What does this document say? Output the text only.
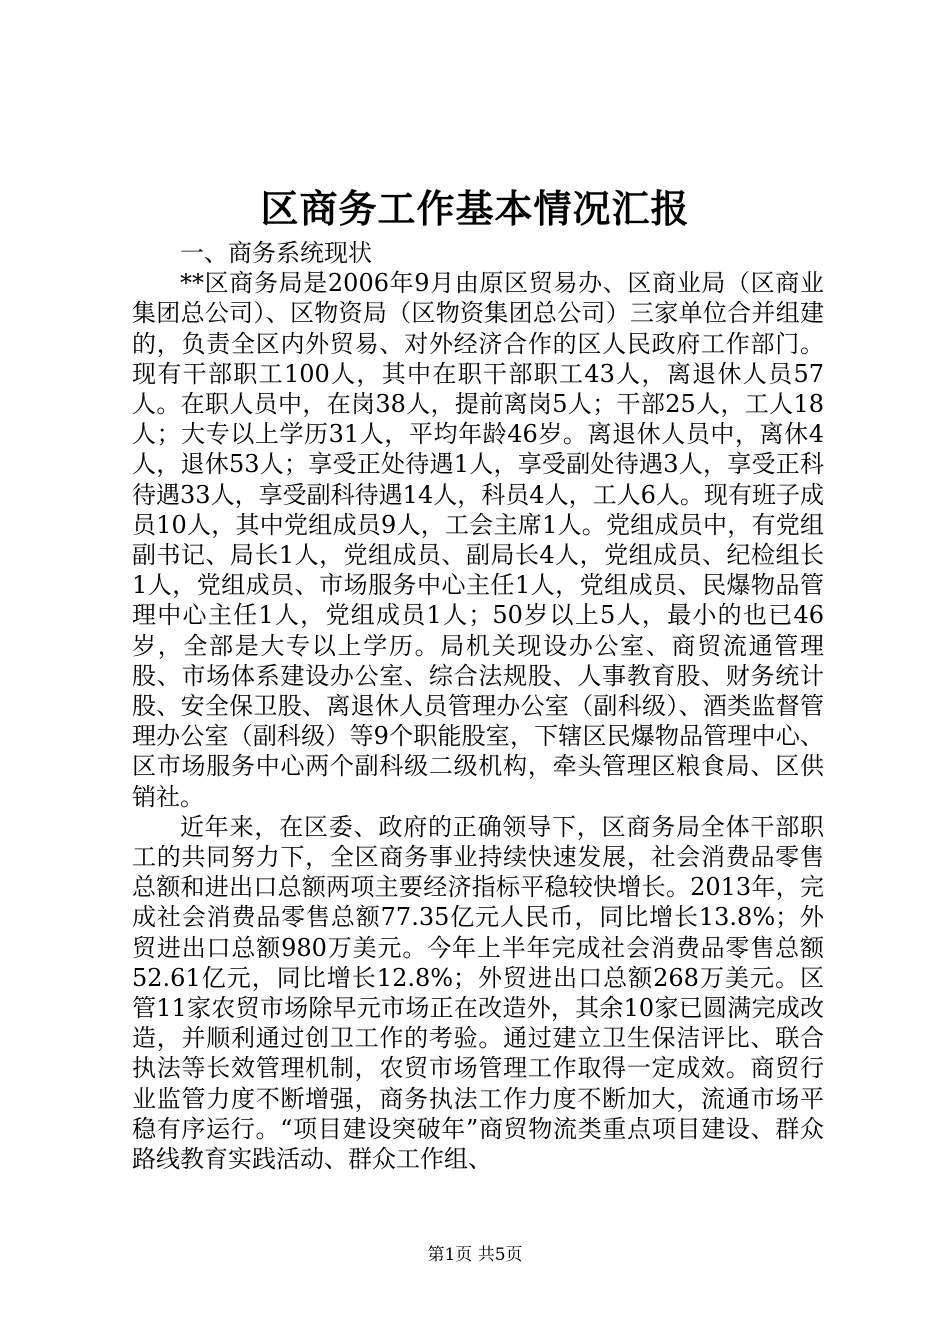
区商务工作基本情况汇报

一、商务系统现状

**区商务局是2006年9月由原区贸易办、区商业局（区商业集团总公司）、区物资局（区物资集团总公司）三家单位合并组建的，负责全区内外贸易、对外经济合作的区人民政府工作部门。现有干部职工100人，其中在职干部职工43人，离退休人员57人。在职人员中，在岗38人，提前离岗5人；干部25人，工人18人；大专以上学历31人，平均年龄46岁。离退休人员中，离休4人，退休53人；享受正处待遇1人，享受副处待遇3人，享受正科待遇33人，享受副科待遇14人，科员4人，工人6人。现有班子成员10人，其中党组成员9人，工会主席1人。党组成员中，有党组副书记、局长1人，党组成员、副局长4人，党组成员、纪检组长1人，党组成员、市场服务中心主任1人，党组成员、民爆物品管理中心主任1人，党组成员1人；50岁以上5人，最小的也已46岁，全部是大专以上学历。局机关现设办公室、商贸流通管理股、市场体系建设办公室、综合法规股、人事教育股、财务统计股、安全保卫股、离退休人员管理办公室（副科级）、酒类监督管理办公室（副科级）等9个职能股室，下辖区民爆物品管理中心、区市场服务中心两个副科级二级机构，牵头管理区粮食局、区供销社。

近年来，在区委、政府的正确领导下，区商务局全体干部职工的共同努力下，全区商务事业持续快速发展，社会消费品零售总额和进出口总额两项主要经济指标平稳较快增长。2013年，完成社会消费品零售总额77.35亿元人民币，同比增长13.8%；外贸进出口总额980万美元。今年上半年完成社会消费品零售总额52.61亿元，同比增长12.8%；外贸进出口总额268万美元。区管11家农贸市场除早元市场正在改造外，其余10家已圆满完成改造，并顺利通过创卫工作的考验。通过建立卫生保洁评比、联合执法等长效管理机制，农贸市场管理工作取得一定成效。商贸行业监管力度不断增强，商务执法工作力度不断加大，流通市场平稳有序运行。“项目建设突破年”商贸物流类重点项目建设、群众路线教育实践活动、群众工作组、

第1页 共5页
